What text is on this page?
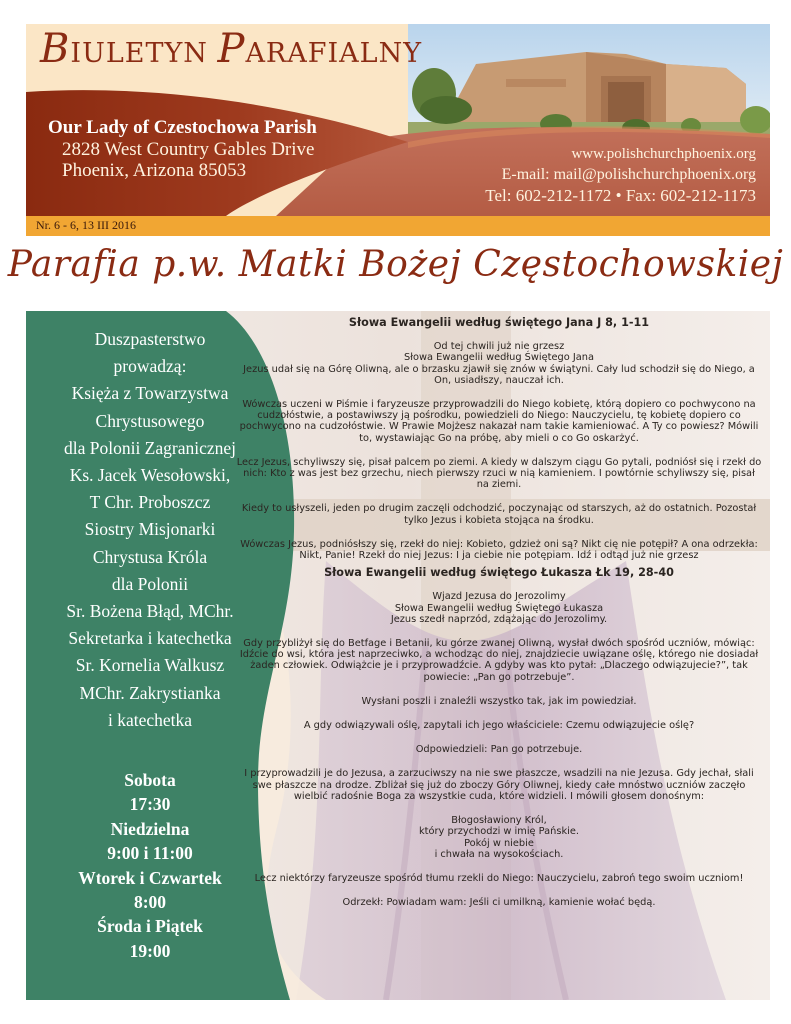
BIULETYN PARAFIALNY
Our Lady of Czestochowa Parish
2828 West Country Gables Drive
Phoenix, Arizona 85053
www.polishchurchphoenix.org
E-mail: mail@polishchurchphoenix.org
Tel: 602-212-1172 • Fax: 602-212-1173
Nr. 6 - 6, 13 III 2016
Parafia p.w. Matki Bożej Częstochowskiej
Duszpasterstwo
prowadzą:
Księża z Towarzystwa
Chrystusowego
dla Polonii Zagranicznej
Ks. Jacek Wesołowski,
T Chr. Proboszcz
Siostry Misjonarki
Chrystusa Króla
dla Polonii
Sr. Bożena Błąd, MChr.
Sekretarka i katechetka
Sr. Kornelia Walkusz
MChr. Zakrystianka
i katechetka
Sobota
17:30
Niedzielna
9:00 i 11:00
Wtorek i Czwartek
8:00
Środa i Piątek
19:00
Słowa Ewangelii według świętego Jana J 8, 1-11

Od tej chwili już nie grzesz
Słowa Ewangelii według Świętego Jana
Jezus udał się na Górę Oliwną, ale o brzasku zjawił się znów w świątyni. Cały lud schodził się do Niego, a On, usiadłszy, nauczał ich.

Wówczas uczeni w Piśmie i faryzeusze przyprowadzili do Niego kobietę, którą dopiero co pochwycono na cudzołóstwie, a postawiwszy ją pośrodku, powiedzieli do Niego: Nauczycielu, tę kobietę dopiero co pochwycono na cudzołóstwie. W Prawie Mojżesz nakazał nam takie kamieniować. A Ty co powiesz? Mówili to, wystawiając Go na próbę, aby mieli o co Go oskarżyć.

Lecz Jezus, schyliwszy się, pisał palcem po ziemi. A kiedy w dalszym ciągu Go pytali, podniósł się i rzekł do nich: Kto z was jest bez grzechu, niech pierwszy rzuci w nią kamieniem. I powtórnie schyliwszy się, pisał na ziemi.

Kiedy to usłyszeli, jeden po drugim zaczęli odchodzić, poczynając od starszych, aż do ostatnich. Pozostał tylko Jezus i kobieta stojąca na środku.

Wówczas Jezus, podniósłszy się, rzekł do niej: Kobieto, gdzież oni są? Nikt cię nie potępił? A ona odrzekła: Nikt, Panie! Rzekł do niej Jezus: I ja ciebie nie potępiam. Idź i odtąd już nie grzesz

Słowa Ewangelii według świętego Łukasza Łk 19, 28-40

Wjazd Jezusa do Jerozolimy
Słowa Ewangelii według Świętego Łukasza
Jezus szedł naprzód, zdążając do Jerozolimy.

Gdy przybliżył się do Betfage i Betanii, ku górze zwanej Oliwną, wysłał dwóch spośród uczniów, mówiąc: Idźcie do wsi, która jest naprzeciwko, a wchodząc do niej, znajdziecie uwiązane oślę, którego nie dosiadał żaden człowiek. Odwiążcie je i przyprowadźcie. A gdyby was kto pytał: „Dlaczego odwiązujecie?”, tak powiecie: „Pan go potrzebuje”.

Wysłani poszli i znaleźli wszystko tak, jak im powiedział.

A gdy odwiązywali oślę, zapytali ich jego właściciele: Czemu odwiązujecie oślę?

Odpowiedzieli: Pan go potrzebuje.

I przyprowadzili je do Jezusa, a zarzuciwszy na nie swe płaszcze, wsadzili na nie Jezusa. Gdy jechał, słali swe płaszcze na drodze. Zbliżał się już do zboczy Góry Oliwnej, kiedy całe mnóstwo uczniów zaczęło wielbić radośnie Boga za wszystkie cuda, które widzieli. I mówili głosem donośnym:

Błogosławiony Król,
który przychodzi w imię Pańskie.
Pokój w niebie
i chwała na wysokościach.

Lecz niektórzy faryzeusze spośród tłumu rzekli do Niego: Nauczycielu, zabroń tego swoim uczniom!

Odrzekł: Powiadam wam: Jeśli ci umilkną, kamienie wołać będą.
